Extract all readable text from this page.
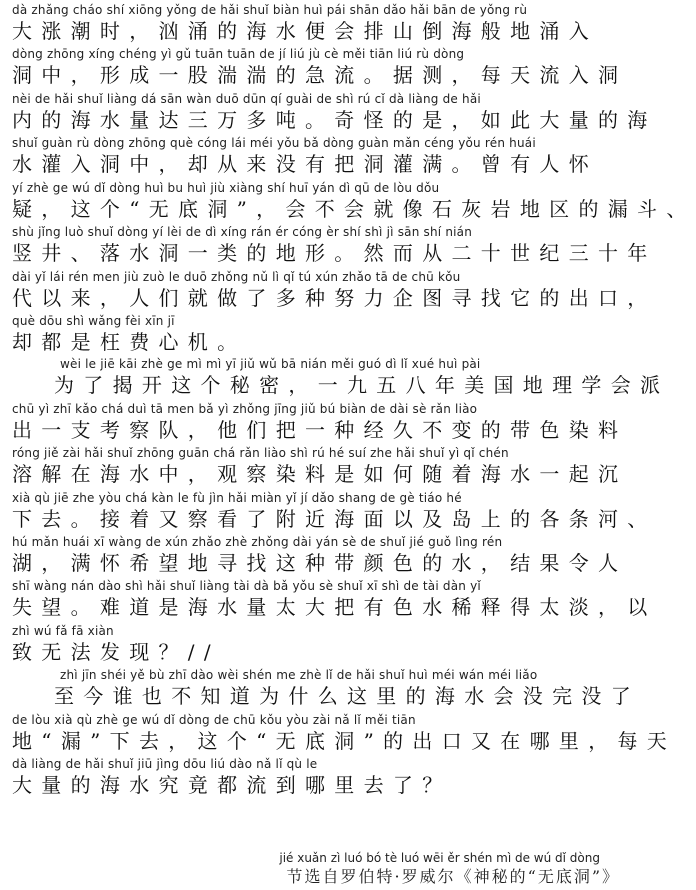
dà zhǎng cháo shí xiōng yǒng de hǎi shuǐ biàn huì pái shān dǎo hǎi bān de yǒng rù
大涨潮时，汹涌的海水便会排山倒海般地涌入
dòng zhōng xíng chéng yì gǔ tuān tuān de jí liú jù cè měi tiān liú rù dòng
洞中，形成一股湍湍的急流。据测，每天流入洞
nèi de hǎi shuǐ liàng dá sān wàn duō dūn qí guài de shì rú cǐ dà liàng de hǎi
内的海水量达三万多吨。奇怪的是，如此大量的海
shuǐ guàn rù dòng zhōng què cóng lái méi yǒu bǎ dòng guàn mǎn céng yǒu rén huái
水灌入洞中，却从来没有把洞灌满。曾有人怀
yí zhè ge wú dǐ dòng huì bu huì jiù xiàng shí huī yán dì qū de lòu dǒu
疑，这个“无底洞”，会不会就像石灰岩地区的漏斗、
shù jǐng luò shuǐ dòng yí lèi de dì xíng rán ér cóng èr shí shì jì sān shí nián
竖井、落水洞一类的地形。然而从二十世纪三十年
dài yǐ lái rén men jiù zuò le duō zhǒng nǔ lì qǐ tú xún zhǎo tā de chū kǒu
代以来，人们就做了多种努力企图寻找它的出口，
què dōu shì wǎng fèi xīn jī
却都是枉费心机。
wèi le jiē kāi zhè ge mì mì yī jiǔ wǔ bā nián měi guó dì lǐ xué huì pài
为了揭开这个秘密，一九五八年美国地理学会派
chū yì zhī kǎo chá duì tā men bǎ yì zhǒng jīng jiǔ bú biàn de dài sè rǎn liào
出一支考察队，他们把一种经久不变的带色染料
róng jiě zài hǎi shuǐ zhōng guān chá rǎn liào shì rú hé suí zhe hǎi shuǐ yì qǐ chén
溶解在海水中，观察染料是如何随着海水一起沉
xià qù jiē zhe yòu chá kàn le fù jìn hǎi miàn yǐ jí dǎo shang de gè tiáo hé
下去。接着又察看了附近海面以及岛上的各条河、
hú mǎn huái xī wàng de xún zhǎo zhè zhǒng dài yán sè de shuǐ jié guǒ lìng rén
湖，满怀希望地寻找这种带颜色的水，结果令人
shī wàng nán dào shì hǎi shuǐ liàng tài dà bǎ yǒu sè shuǐ xī shì de tài dàn yǐ
失望。难道是海水量太大把有色水稀释得太淡，以
zhì wú fǎ fā xiàn
致无法发现？//
zhì jīn shéi yě bù zhī dào wèi shén me zhè lǐ de hǎi shuǐ huì méi wán méi liǎo
至今谁也不知道为什么这里的海水会没完没了
de lòu xià qù zhè ge wú dǐ dòng de chū kǒu yòu zài nǎ lǐ měi tiān
地“漏”下去，这个“无底洞”的出口又在哪里，每天
dà liàng de hǎi shuǐ jiū jìng dōu liú dào nǎ lǐ qù le
大量的海水究竟都流到哪里去了？
jié xuǎn zì luó bó tè luó wēi ěr shén mì de wú dǐ dòng
节选自罗伯特·罗威尔《神秘的“无底洞”》
